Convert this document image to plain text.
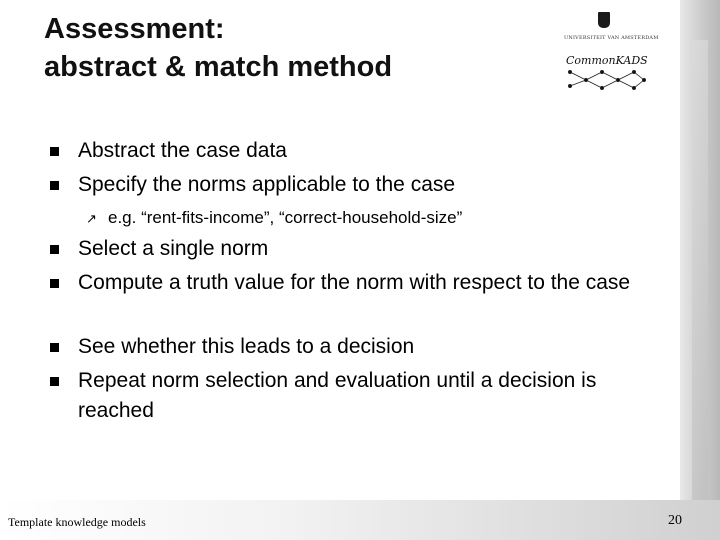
Assessment:
abstract & match method
UNIVERSITEIT VAN AMSTERDAM
CommonKADS
Abstract the case data
Specify the norms applicable to the case
↗ e.g. “rent-fits-income”, “correct-household-size”
Select a single norm
Compute a truth value for the norm with respect to the case
See whether this leads to a decision
Repeat norm selection and evaluation until a decision is reached
Template knowledge models	20
